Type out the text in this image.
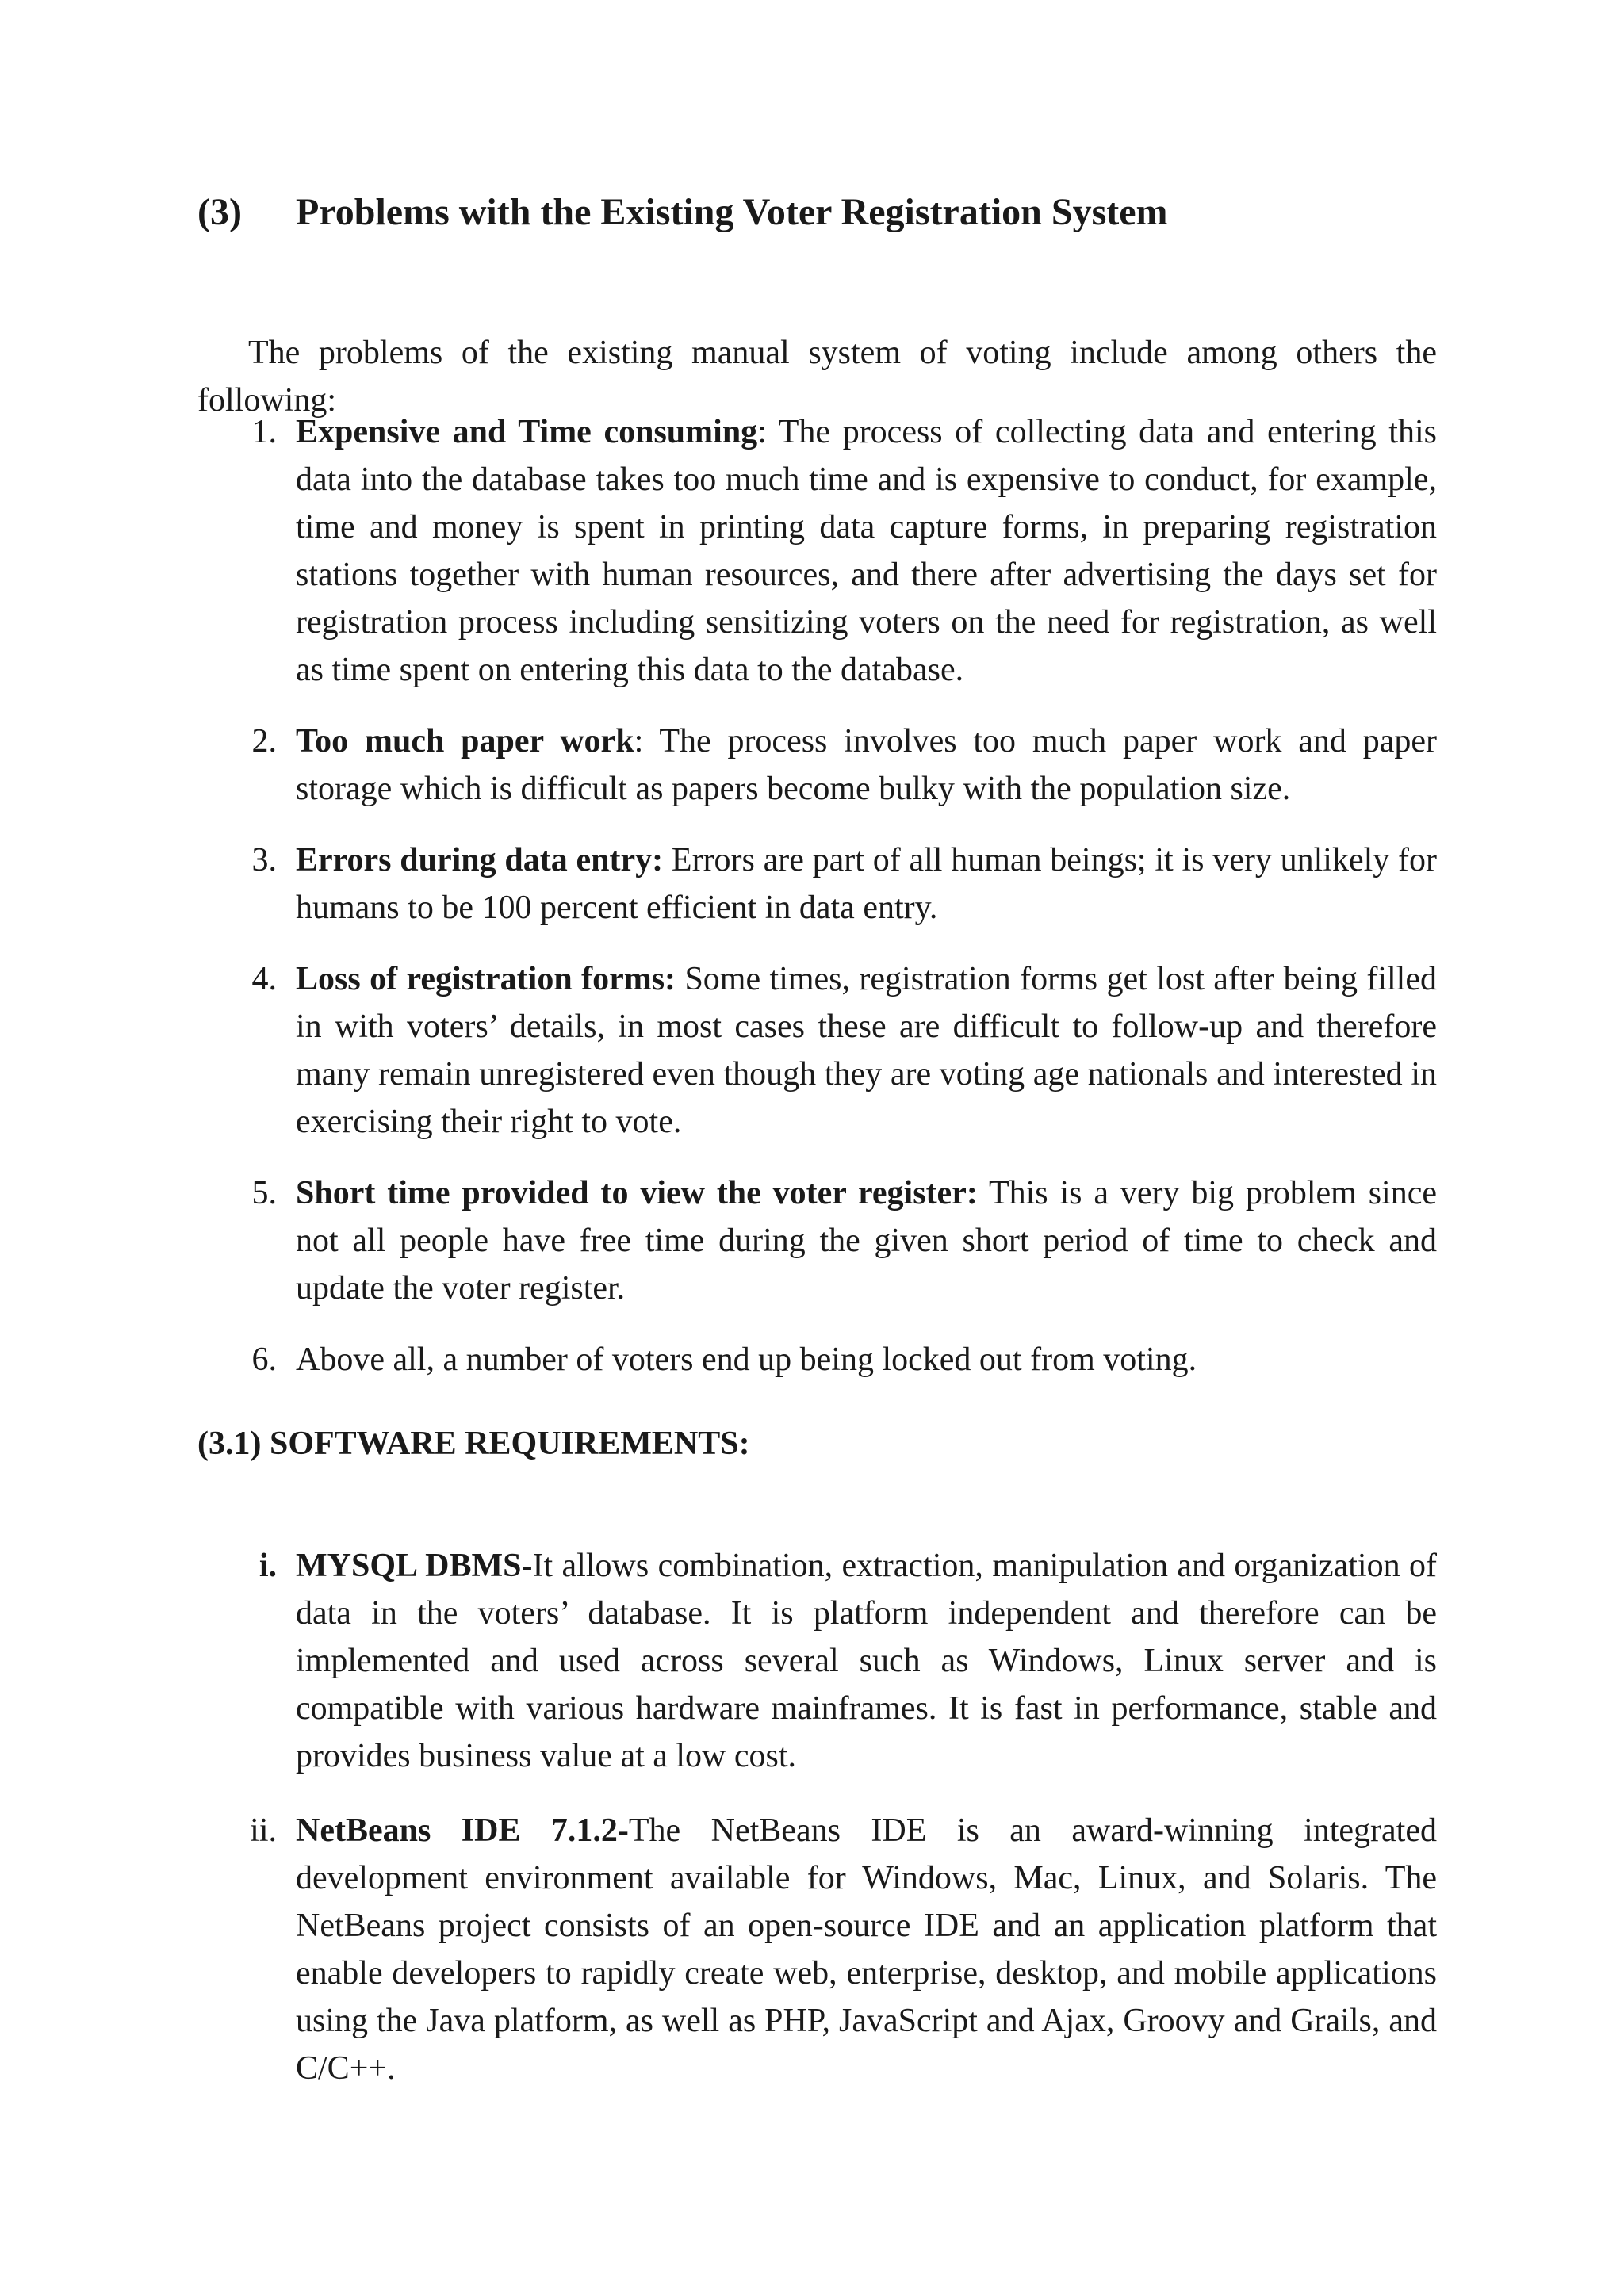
(3) Problems with the Existing Voter Registration System

The problems of the existing manual system of voting include among others the following:

1. Expensive and Time consuming: The process of collecting data and entering this data into the database takes too much time and is expensive to conduct, for example, time and money is spent in printing data capture forms, in preparing registration stations together with human resources, and there after advertising the days set for registration process including sensitizing voters on the need for registration, as well as time spent on entering this data to the database.
2. Too much paper work: The process involves too much paper work and paper storage which is difficult as papers become bulky with the population size.
3. Errors during data entry: Errors are part of all human beings; it is very unlikely for humans to be 100 percent efficient in data entry.
4. Loss of registration forms: Some times, registration forms get lost after being filled in with voters’ details, in most cases these are difficult to follow-up and therefore many remain unregistered even though they are voting age nationals and interested in exercising their right to vote.
5. Short time provided to view the voter register: This is a very big problem since not all people have free time during the given short period of time to check and update the voter register.
6. Above all, a number of voters end up being locked out from voting.
(3.1) SOFTWARE REQUIREMENTS:
i. MYSQL DBMS-It allows combination, extraction, manipulation and organization of data in the voters’ database. It is platform independent and therefore can be implemented and used across several such as Windows, Linux server and is compatible with various hardware mainframes. It is fast in performance, stable and provides business value at a low cost.
ii. NetBeans IDE 7.1.2-The NetBeans IDE is an award-winning integrated development environment available for Windows, Mac, Linux, and Solaris. The NetBeans project consists of an open-source IDE and an application platform that enable developers to rapidly create web, enterprise, desktop, and mobile applications using the Java platform, as well as PHP, JavaScript and Ajax, Groovy and Grails, and C/C++.
